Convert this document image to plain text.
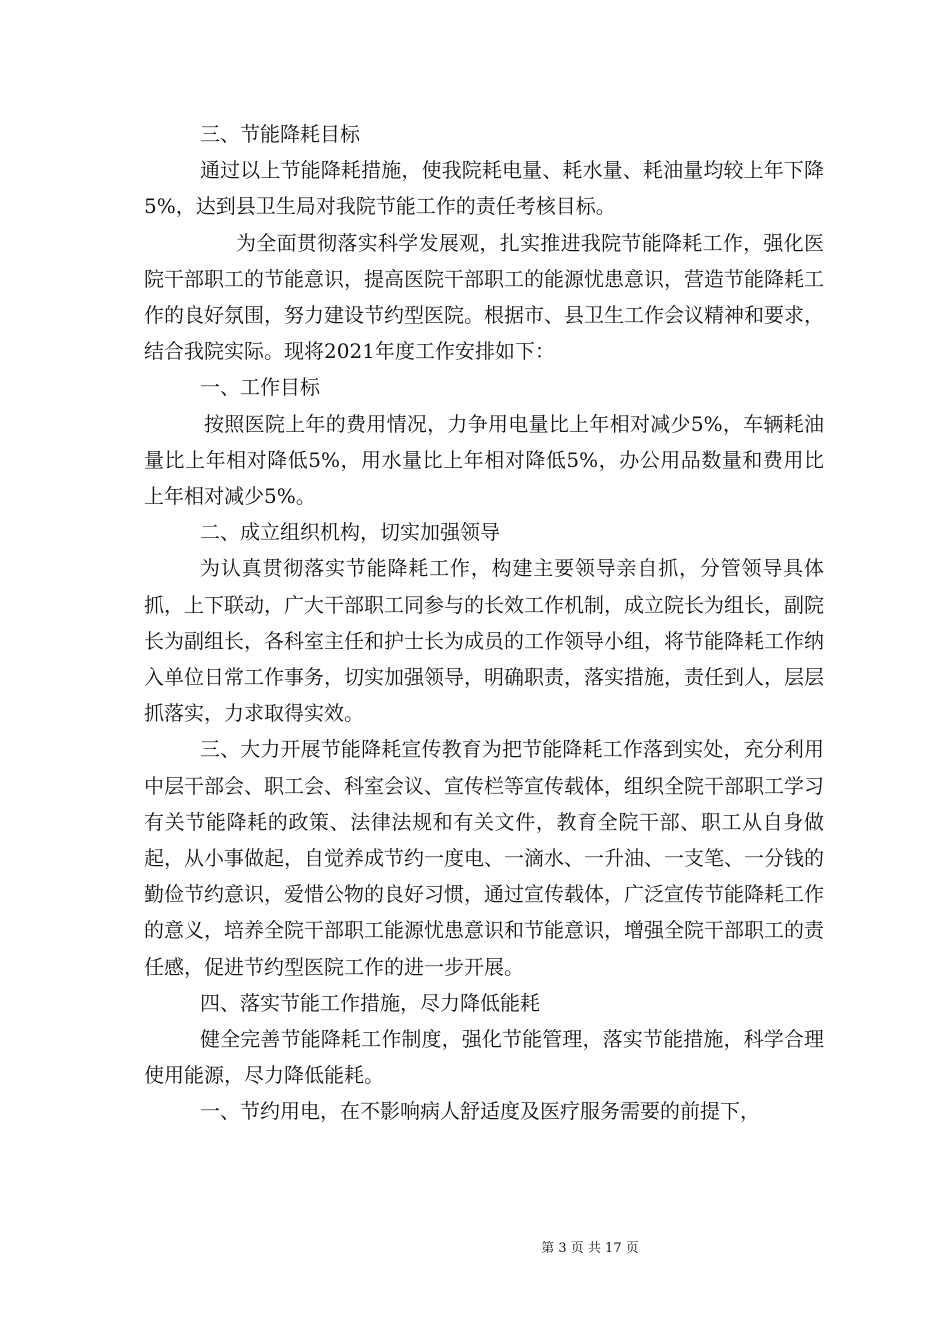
三、节能降耗目标

通过以上节能降耗措施，使我院耗电量、耗水量、耗油量均较上年下降5%，达到县卫生局对我院节能工作的责任考核目标。

为全面贯彻落实科学发展观，扎实推进我院节能降耗工作，强化医院干部职工的节能意识，提高医院干部职工的能源忧患意识，营造节能降耗工作的良好氛围，努力建设节约型医院。根据市、县卫生工作会议精神和要求，结合我院实际。现将2021年度工作安排如下：

一、工作目标

按照医院上年的费用情况，力争用电量比上年相对减少5%，车辆耗油量比上年相对降低5%，用水量比上年相对降低5%，办公用品数量和费用比上年相对减少5%。

二、成立组织机构，切实加强领导

为认真贯彻落实节能降耗工作，构建主要领导亲自抓，分管领导具体抓，上下联动，广大干部职工同参与的长效工作机制，成立院长为组长，副院长为副组长，各科室主任和护士长为成员的工作领导小组，将节能降耗工作纳入单位日常工作事务，切实加强领导，明确职责，落实措施，责任到人，层层抓落实，力求取得实效。

三、大力开展节能降耗宣传教育为把节能降耗工作落到实处，充分利用中层干部会、职工会、科室会议、宣传栏等宣传载体，组织全院干部职工学习有关节能降耗的政策、法律法规和有关文件，教育全院干部、职工从自身做起，从小事做起，自觉养成节约一度电、一滴水、一升油、一支笔、一分钱的勤俭节约意识，爱惜公物的良好习惯，通过宣传载体，广泛宣传节能降耗工作的意义，培养全院干部职工能源忧患意识和节能意识，增强全院干部职工的责任感，促进节约型医院工作的进一步开展。

四、落实节能工作措施，尽力降低能耗

健全完善节能降耗工作制度，强化节能管理，落实节能措施，科学合理使用能源，尽力降低能耗。

一、节约用电，在不影响病人舒适度及医疗服务需要的前提下，

第 3 页 共 17 页
